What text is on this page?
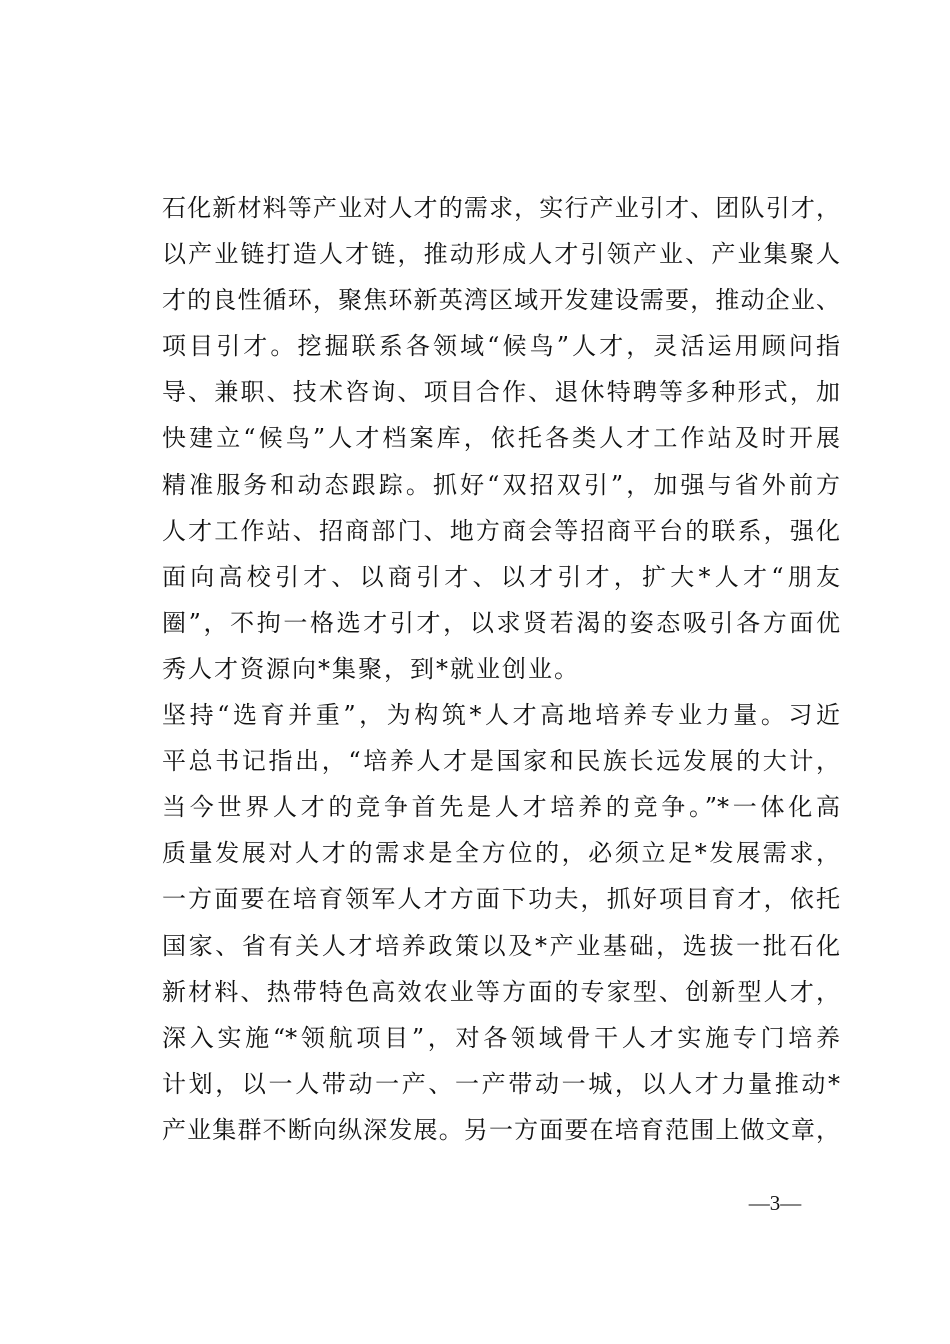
石化新材料等产业对人才的需求，实行产业引才、团队引才，
以产业链打造人才链，推动形成人才引领产业、产业集聚人
才的良性循环，聚焦环新英湾区域开发建设需要，推动企业、
项目引才。挖掘联系各领域“候鸟”人才，灵活运用顾问指
导、兼职、技术咨询、项目合作、退休特聘等多种形式，加
快建立“候鸟”人才档案库，依托各类人才工作站及时开展
精准服务和动态跟踪。抓好“双招双引”，加强与省外前方
人才工作站、招商部门、地方商会等招商平台的联系，强化
面向高校引才、以商引才、以才引才，扩大*人才“朋友
圈”，不拘一格选才引才，以求贤若渴的姿态吸引各方面优
秀人才资源向*集聚，到*就业创业。
坚持“选育并重”，为构筑*人才高地培养专业力量。习近
平总书记指出，“培养人才是国家和民族长远发展的大计，
当今世界人才的竞争首先是人才培养的竞争。”*一体化高
质量发展对人才的需求是全方位的，必须立足*发展需求，
一方面要在培育领军人才方面下功夫，抓好项目育才，依托
国家、省有关人才培养政策以及*产业基础，选拔一批石化
新材料、热带特色高效农业等方面的专家型、创新型人才，
深入实施“*领航项目”，对各领域骨干人才实施专门培养
计划，以一人带动一产、一产带动一城，以人才力量推动*
产业集群不断向纵深发展。另一方面要在培育范围上做文章，
—3—
